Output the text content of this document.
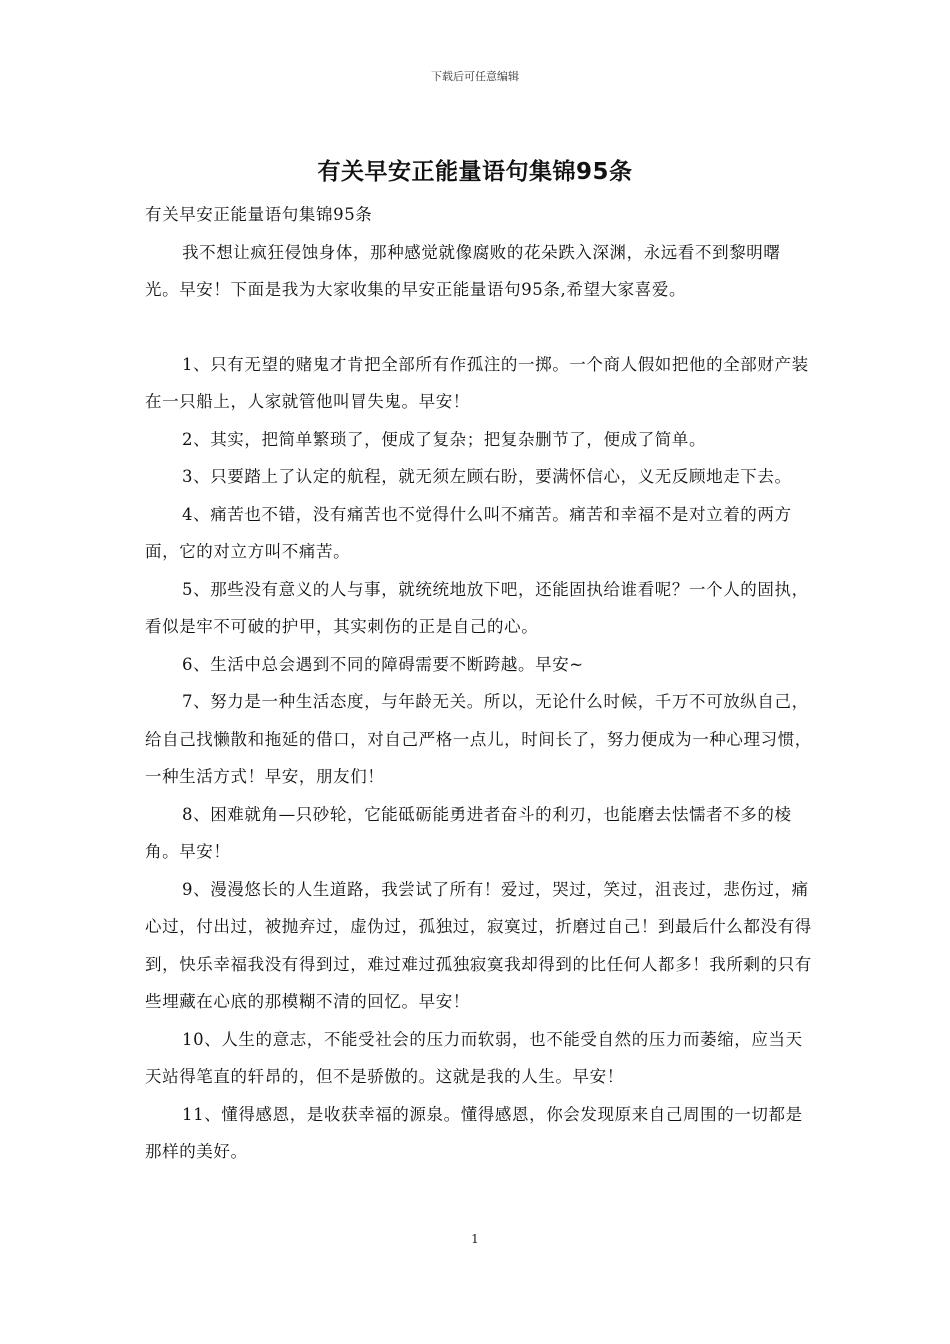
下载后可任意编辑
有关早安正能量语句集锦95条

有关早安正能量语句集锦95条

我不想让疯狂侵蚀身体，那种感觉就像腐败的花朵跌入深渊，永远看不到黎明曙光。早安！下面是我为大家收集的早安正能量语句95条,希望大家喜爱。

1、只有无望的赌鬼才肯把全部所有作孤注的一掷。一个商人假如把他的全部财产装在一只船上，人家就管他叫冒失鬼。早安！

2、其实，把简单繁琐了，便成了复杂；把复杂删节了，便成了简单。

3、只要踏上了认定的航程，就无须左顾右盼，要满怀信心，义无反顾地走下去。

4、痛苦也不错，没有痛苦也不觉得什么叫不痛苦。痛苦和幸福不是对立着的两方面，它的对立方叫不痛苦。

5、那些没有意义的人与事，就统统地放下吧，还能固执给谁看呢？一个人的固执，看似是牢不可破的护甲，其实刺伤的正是自己的心。

6、生活中总会遇到不同的障碍需要不断跨越。早安~

7、努力是一种生活态度，与年龄无关。所以，无论什么时候，千万不可放纵自己，给自己找懒散和拖延的借口，对自己严格一点儿，时间长了，努力便成为一种心理习惯，一种生活方式！早安，朋友们！

8、困难就角—只砂轮，它能砥砺能勇进者奋斗的利刃，也能磨去怯懦者不多的棱角。早安！

9、漫漫悠长的人生道路，我尝试了所有！爱过，哭过，笑过，沮丧过，悲伤过，痛心过，付出过，被抛弃过，虚伪过，孤独过，寂寞过，折磨过自己！到最后什么都没有得到，快乐幸福我没有得到过，难过难过孤独寂寞我却得到的比任何人都多！我所剩的只有些埋藏在心底的那模糊不清的回忆。早安！

10、人生的意志，不能受社会的压力而软弱，也不能受自然的压力而萎缩，应当天天站得笔直的轩昂的，但不是骄傲的。这就是我的人生。早安！

11、懂得感恩，是收获幸福的源泉。懂得感恩，你会发现原来自己周围的一切都是那样的美好。

1
